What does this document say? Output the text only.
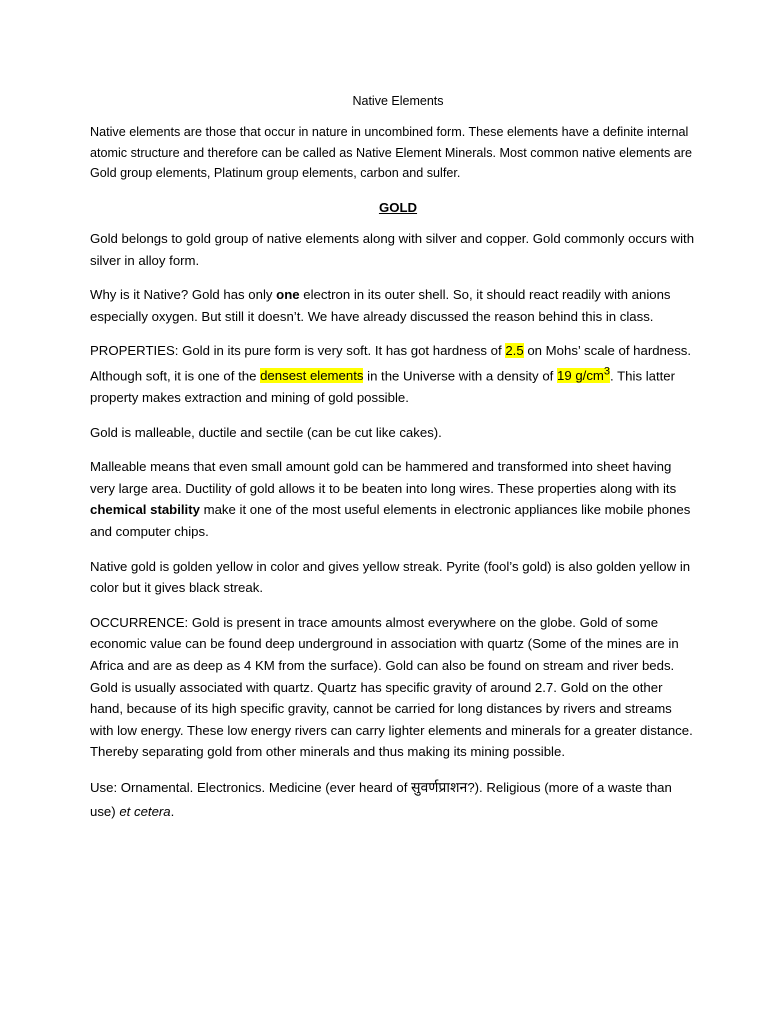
Native Elements

Native elements are those that occur in nature in uncombined form. These elements have a definite internal atomic structure and therefore can be called as Native Element Minerals. Most common native elements are Gold group elements, Platinum group elements, carbon and sulfer.

GOLD

Gold belongs to gold group of native elements along with silver and copper. Gold commonly occurs with silver in alloy form.

Why is it Native? Gold has only one electron in its outer shell. So, it should react readily with anions especially oxygen. But still it doesn’t. We have already discussed the reason behind this in class.

PROPERTIES: Gold in its pure form is very soft. It has got hardness of 2.5 on Mohs’ scale of hardness. Although soft, it is one of the densest elements in the Universe with a density of 19 $g/cm^3$. This latter property makes extraction and mining of gold possible.

Gold is malleable, ductile and sectile (can be cut like cakes).

Malleable means that even small amount gold can be hammered and transformed into sheet having very large area. Ductility of gold allows it to be beaten into long wires. These properties along with its chemical stability make it one of the most useful elements in electronic appliances like mobile phones and computer chips.

Native gold is golden yellow in color and gives yellow streak. Pyrite (fool’s gold) is also golden yellow in color but it gives black streak.

OCCURRENCE: Gold is present in trace amounts almost everywhere on the globe. Gold of some economic value can be found deep underground in association with quartz (Some of the mines are in Africa and are as deep as 4 KM from the surface). Gold can also be found on stream and river beds. Gold is usually associated with quartz. Quartz has specific gravity of around 2.7. Gold on the other hand, because of its high specific gravity, cannot be carried for long distances by rivers and streams with low energy. These low energy rivers can carry lighter elements and minerals for a greater distance. Thereby separating gold from other minerals and thus making its mining possible.

Use: Ornamental. Electronics. Medicine (ever heard of सुवर्णप्राशन?). Religious (more of a waste than use) et cetera.
